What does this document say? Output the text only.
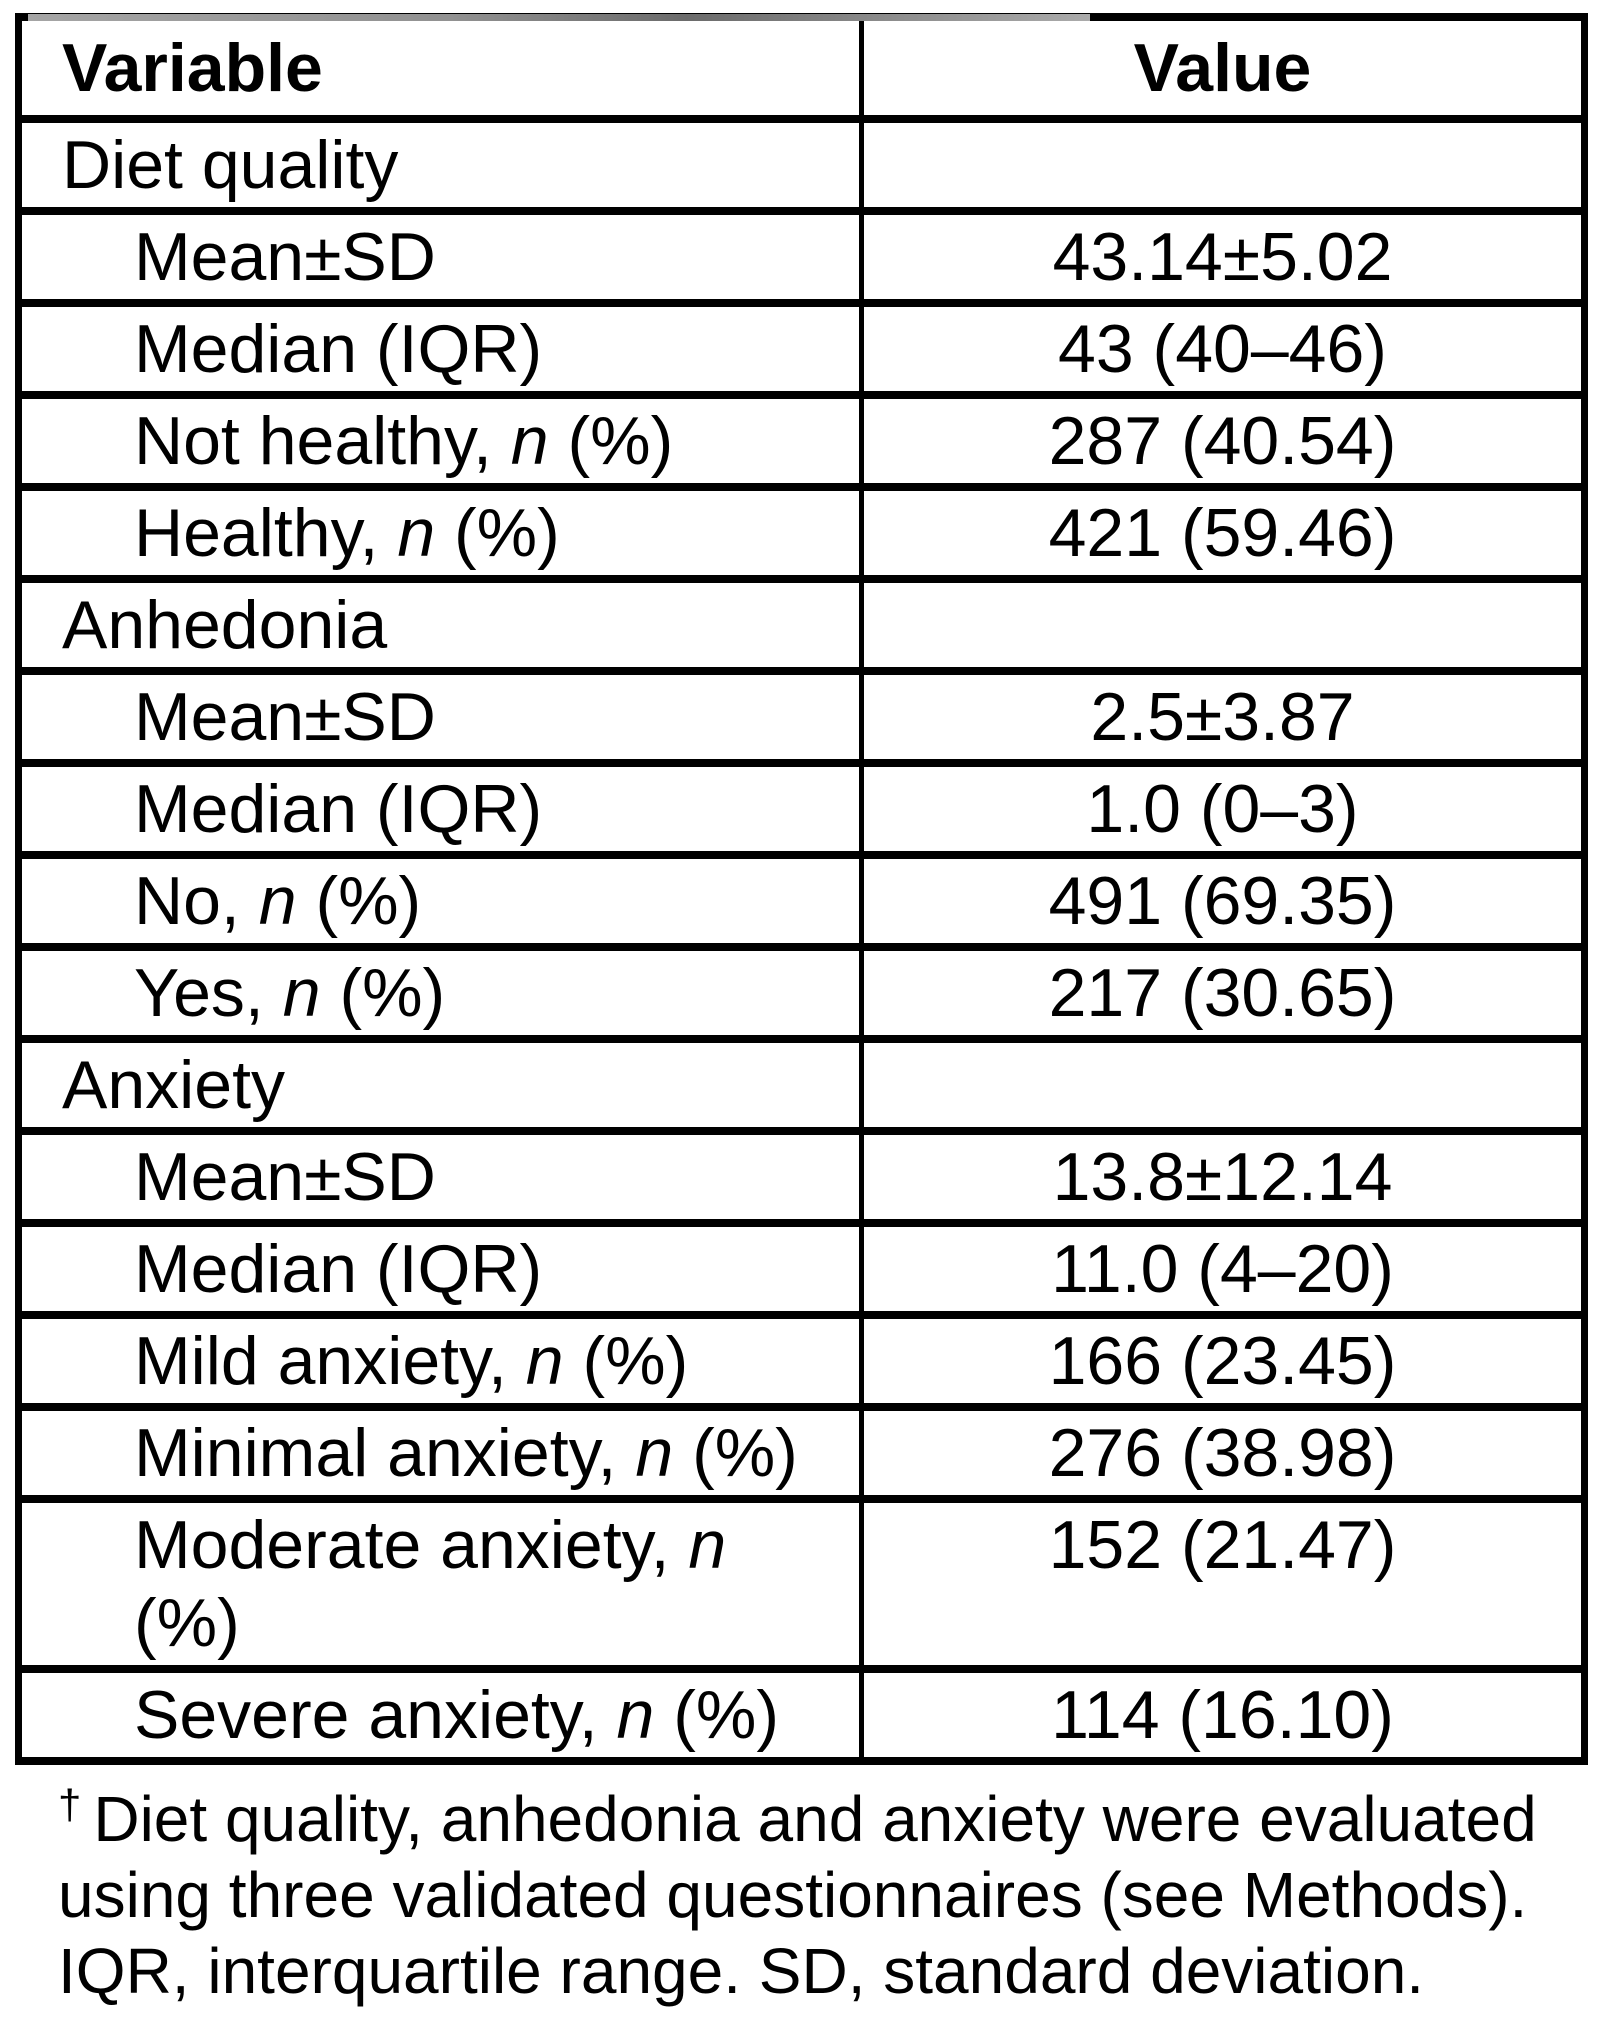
Variable	Value
Diet quality	
Mean±SD	43.14±5.02
Median (IQR)	43 (40–46)
Not healthy, n (%)	287 (40.54)
Healthy, n (%)	421 (59.46)
Anhedonia	
Mean±SD	2.5±3.87
Median (IQR)	1.0 (0–3)
No, n (%)	491 (69.35)
Yes, n (%)	217 (30.65)
Anxiety	
Mean±SD	13.8±12.14
Median (IQR)	11.0 (4–20)
Mild anxiety, n (%)	166 (23.45)
Minimal anxiety, n (%)	276 (38.98)
Moderate anxiety, n
(%)	152 (21.47)
Severe anxiety, n (%)	114 (16.10)
† Diet quality, anhedonia and anxiety were evaluated
using three validated questionnaires (see Methods).
IQR, interquartile range. SD, standard deviation.
